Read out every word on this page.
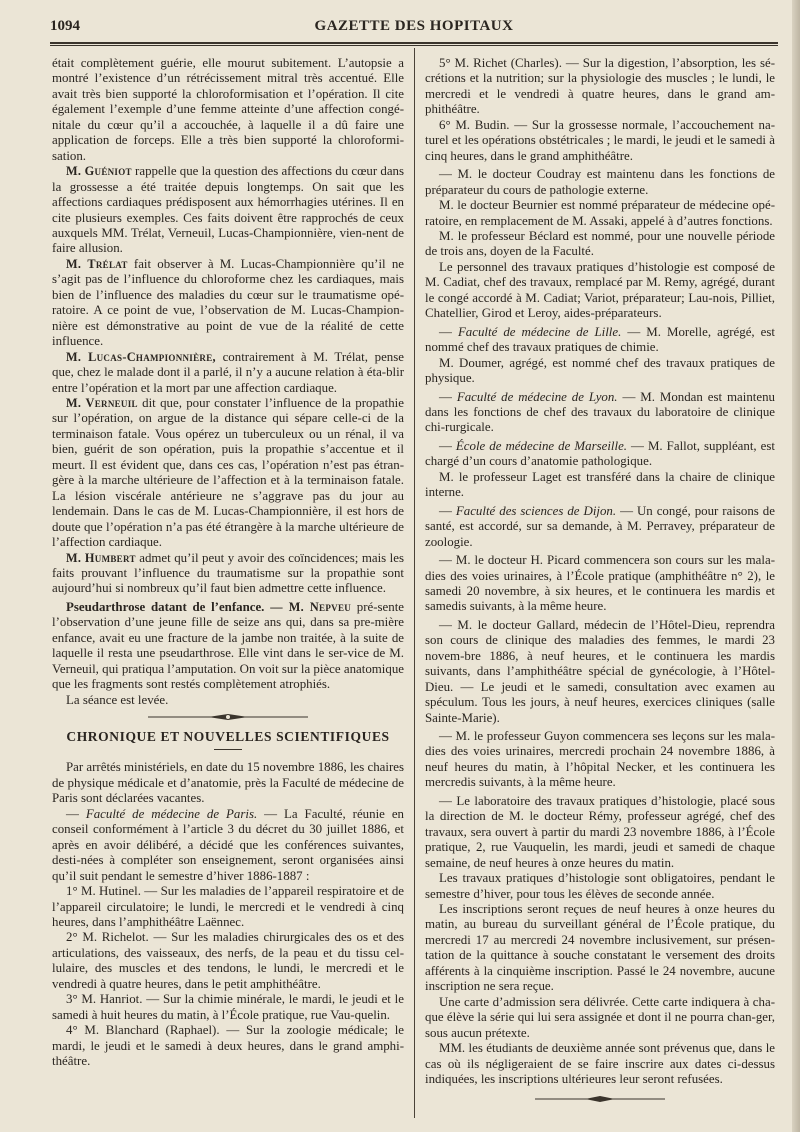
1094	GAZETTE DES HOPITAUX

était complètement guérie, elle mourut subitement. L’autopsie a montré l’existence d’un rétrécissement mitral très accentué. Elle avait très bien supporté la chloroformisation et l’opération. Il cite également l’exemple d’une femme atteinte d’une affection congé-nitale du cœur qu’il a accouchée, à laquelle il a dû faire une application de forceps. Elle a très bien supporté la chloroformi-sation.

M. Guéniot rappelle que la question des affections du cœur dans la grossesse a été traitée depuis longtemps. On sait que les affections cardiaques prédisposent aux hémorrhagies utérines. Il en cite plusieurs exemples. Ces faits doivent être rapprochés de ceux auxquels MM. Trélat, Verneuil, Lucas-Championnière, vien-nent de faire allusion.

M. Trélat fait observer à M. Lucas-Championnière qu’il ne s’agit pas de l’influence du chloroforme chez les cardiaques, mais bien de l’influence des maladies du cœur sur le traumatisme opé-ratoire. A ce point de vue, l’observation de M. Lucas-Champion-nière est démonstrative au point de vue de la réalité de cette influence.

M. Lucas-Championnière, contrairement à M. Trélat, pense que, chez le malade dont il a parlé, il n’y a aucune relation à éta-blir entre l’opération et la mort par une affection cardiaque.

M. Verneuil dit que, pour constater l’influence de la propathie sur l’opération, on argue de la distance qui sépare celle-ci de la terminaison fatale. Vous opérez un tuberculeux ou un rénal, il va bien, guérit de son opération, puis la propathie s’accentue et il meurt. Il est évident que, dans ces cas, l’opération n’est pas étran-gère à la marche ultérieure de l’affection et à la terminaison fatale. La lésion viscérale antérieure ne s’aggrave pas du jour au lendemain. Dans le cas de M. Lucas-Championnière, il est hors de doute que l’opération n’a pas été étrangère à la marche ultérieure de l’affection cardiaque.

M. Humbert admet qu’il peut y avoir des coïncidences; mais les faits prouvant l’influence du traumatisme sur la propathie sont aujourd’hui si nombreux qu’il faut bien admettre cette influence.

Pseudarthrose datant de l’enfance. — M. Nepveu pré-sente l’observation d’une jeune fille de seize ans qui, dans sa pre-mière enfance, avait eu une fracture de la jambe non traitée, à la suite de laquelle il resta une pseudarthrose. Elle vint dans le ser-vice de M. Verneuil, qui pratiqua l’amputation. On voit sur la pièce anatomique que les fragments sont restés complètement atrophiés.

La séance est levée.

CHRONIQUE ET NOUVELLES SCIENTIFIQUES

Par arrêtés ministériels, en date du 15 novembre 1886, les chaires de physique médicale et d’anatomie, près la Faculté de médecine de Paris sont déclarées vacantes.

— Faculté de médecine de Paris. — La Faculté, réunie en conseil conformément à l’article 3 du décret du 30 juillet 1886, et après en avoir délibéré, a décidé que les conférences suivantes, desti-nées à compléter son enseignement, seront organisées ainsi qu’il suit pendant le semestre d’hiver 1886-1887 :

1° M. Hutinel. — Sur les maladies de l’appareil respiratoire et de l’appareil circulatoire; le lundi, le mercredi et le vendredi à cinq heures, dans l’amphithéâtre Laënnec.

2° M. Richelot. — Sur les maladies chirurgicales des os et des articulations, des vaisseaux, des nerfs, de la peau et du tissu cel-lulaire, des muscles et des tendons, le lundi, le mercredi et le vendredi à quatre heures, dans le petit amphithéâtre.

3° M. Hanriot. — Sur la chimie minérale, le mardi, le jeudi et le samedi à huit heures du matin, à l’École pratique, rue Vau-quelin.

4° M. Blanchard (Raphael). — Sur la zoologie médicale; le mardi, le jeudi et le samedi à deux heures, dans le grand amphi-théâtre.

5° M. Richet (Charles). — Sur la digestion, l’absorption, les sé-crétions et la nutrition; sur la physiologie des muscles ; le lundi, le mercredi et le vendredi à quatre heures, dans le grand am-phithéâtre.

6° M. Budin. — Sur la grossesse normale, l’accouchement na-turel et les opérations obstétricales ; le mardi, le jeudi et le samedi à cinq heures, dans le grand amphithéâtre.

— M. le docteur Coudray est maintenu dans les fonctions de préparateur du cours de pathologie externe.

M. le docteur Beurnier est nommé préparateur de médecine opé-ratoire, en remplacement de M. Assaki, appelé à d’autres fonctions.

M. le professeur Béclard est nommé, pour une nouvelle période de trois ans, doyen de la Faculté.

Le personnel des travaux pratiques d’histologie est composé de M. Cadiat, chef des travaux, remplacé par M. Remy, agrégé, durant le congé accordé à M. Cadiat; Variot, préparateur; Lau-nois, Pilliet, Chatellier, Girod et Leroy, aides-préparateurs.

— Faculté de médecine de Lille. — M. Morelle, agrégé, est nommé chef des travaux pratiques de chimie.

M. Doumer, agrégé, est nommé chef des travaux pratiques de physique.

— Faculté de médecine de Lyon. — M. Mondan est maintenu dans les fonctions de chef des travaux du laboratoire de clinique chi-rurgicale.

— École de médecine de Marseille. — M. Fallot, suppléant, est chargé d’un cours d’anatomie pathologique.

M. le professeur Laget est transféré dans la chaire de clinique interne.

— Faculté des sciences de Dijon. — Un congé, pour raisons de santé, est accordé, sur sa demande, à M. Perravey, préparateur de zoologie.

— M. le docteur H. Picard commencera son cours sur les mala-dies des voies urinaires, à l’École pratique (amphithéâtre n° 2), le samedi 20 novembre, à six heures, et le continuera les mardis et samedis suivants, à la même heure.

— M. le docteur Gallard, médecin de l’Hôtel-Dieu, reprendra son cours de clinique des maladies des femmes, le mardi 23 novem-bre 1886, à neuf heures, et le continuera les mardis suivants, dans l’amphithéâtre spécial de gynécologie, à l’Hôtel-Dieu. — Le jeudi et le samedi, consultation avec examen au spéculum. Tous les jours, à neuf heures, exercices cliniques (salle Sainte-Marie).

— M. le professeur Guyon commencera ses leçons sur les mala-dies des voies urinaires, mercredi prochain 24 novembre 1886, à neuf heures du matin, à l’hôpital Necker, et les continuera les mercredis suivants, à la même heure.

— Le laboratoire des travaux pratiques d’histologie, placé sous la direction de M. le docteur Rémy, professeur agrégé, chef des travaux, sera ouvert à partir du mardi 23 novembre 1886, à l’École pratique, 2, rue Vauquelin, les mardi, jeudi et samedi de chaque semaine, de neuf heures à onze heures du matin.

Les travaux pratiques d’histologie sont obligatoires, pendant le semestre d’hiver, pour tous les élèves de seconde année.

Les inscriptions seront reçues de neuf heures à onze heures du matin, au bureau du surveillant général de l’École pratique, du mercredi 17 au mercredi 24 novembre inclusivement, sur présen-tation de la quittance à souche constatant le versement des droits afférents à la cinquième inscription. Passé le 24 novembre, aucune inscription ne sera reçue.

Une carte d’admission sera délivrée. Cette carte indiquera à cha-que élève la série qui lui sera assignée et dont il ne pourra chan-ger, sous aucun prétexte.

MM. les étudiants de deuxième année sont prévenus que, dans le cas où ils négligeraient de se faire inscrire aux dates ci-dessus indiquées, les inscriptions ultérieures leur seront refusées.
